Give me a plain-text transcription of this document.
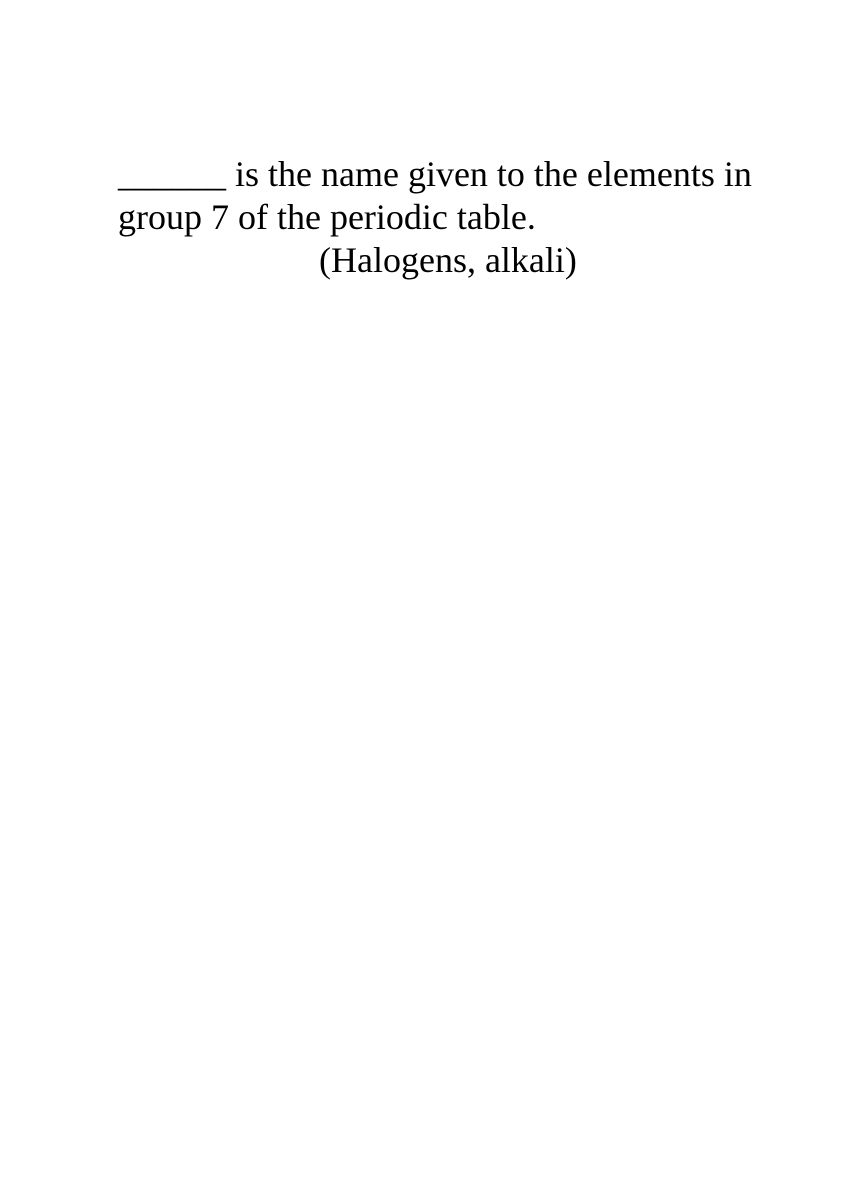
______ is the name given to the elements in
group 7 of the periodic table.
(Halogens, alkali)
